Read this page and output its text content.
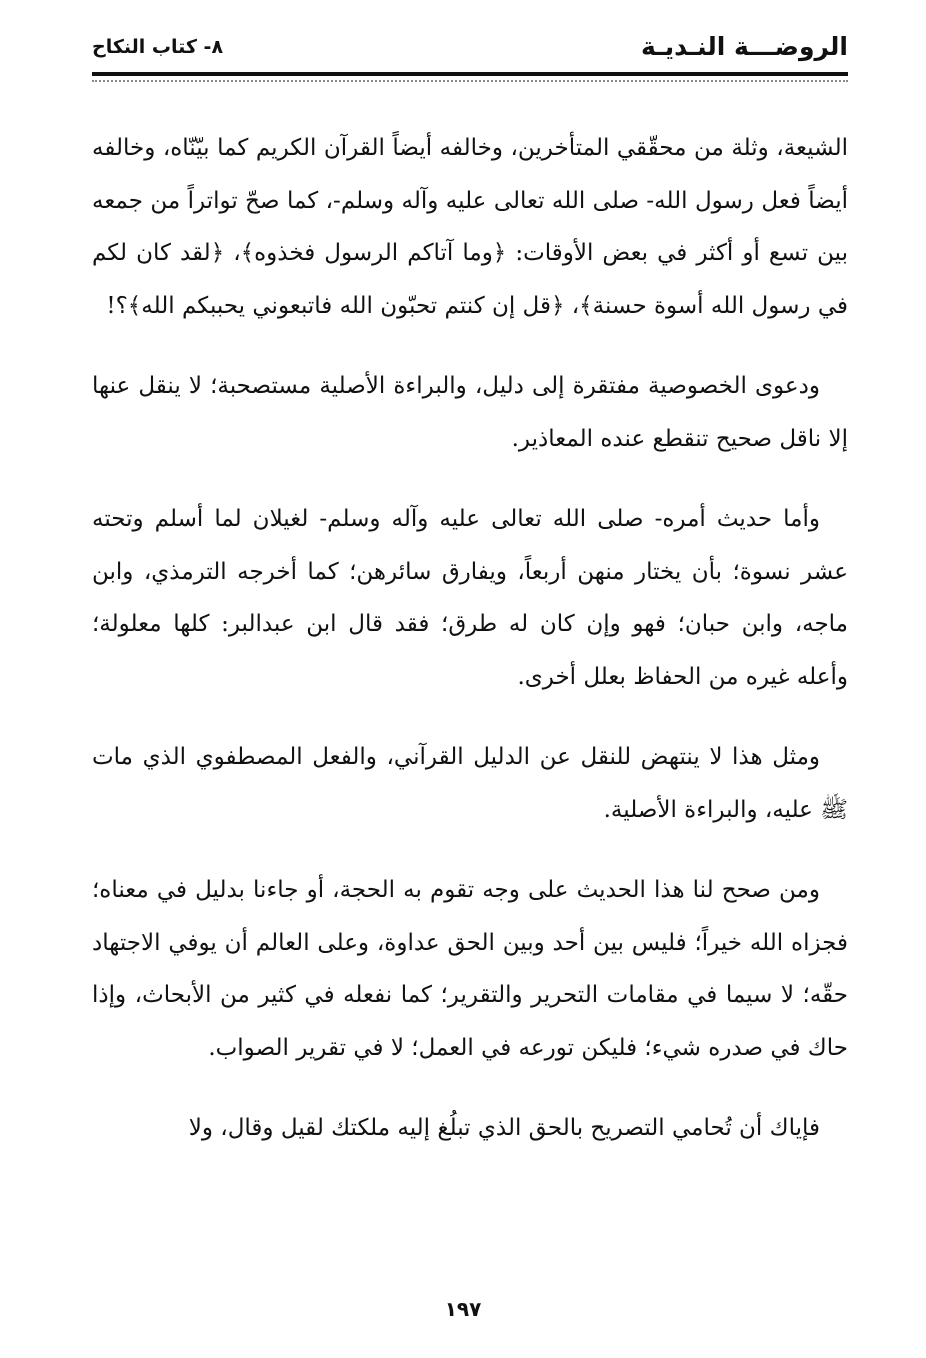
الروضـــة النـديـة
٨- كتاب النكاح

الشيعة، وثلة من محقّقي المتأخرين، وخالفه أيضاً القرآن الكريم كما بيّنّاه، وخالفه أيضاً فعل رسول الله- صلى الله تعالى عليه وآله وسلم-، كما صحّ تواتراً من جمعه بين تسع أو أكثر في بعض الأوقات: ﴿وما آتاكم الرسول فخذوه﴾، ﴿لقد كان لكم في رسول الله أسوة حسنة﴾، ﴿قل إن كنتم تحبّون الله فاتبعوني يحببكم الله﴾؟!

ودعوى الخصوصية مفتقرة إلى دليل، والبراءة الأصلية مستصحبة؛ لا ينقل عنها إلا ناقل صحيح تنقطع عنده المعاذير.

وأما حديث أمره- صلى الله تعالى عليه وآله وسلم- لغيلان لما أسلم وتحته عشر نسوة؛ بأن يختار منهن أربعاً، ويفارق سائرهن؛ كما أخرجه الترمذي، وابن ماجه، وابن حبان؛ فهو وإن كان له طرق؛ فقد قال ابن عبدالبر: كلها معلولة؛ وأعله غيره من الحفاظ بعلل أخرى.

ومثل هذا لا ينتهض للنقل عن الدليل القرآني، والفعل المصطفوي الذي مات ﷺ عليه، والبراءة الأصلية.

ومن صحح لنا هذا الحديث على وجه تقوم به الحجة، أو جاءنا بدليل في معناه؛ فجزاه الله خيراً؛ فليس بين أحد وبين الحق عداوة، وعلى العالم أن يوفي الاجتهاد حقّه؛ لا سيما في مقامات التحرير والتقرير؛ كما نفعله في كثير من الأبحاث، وإذا حاك في صدره شيء؛ فليكن تورعه في العمل؛ لا في تقرير الصواب.

فإياك أن تُحامي التصريح بالحق الذي تبلُغ إليه ملكتك لقيل وقال، ولا

١٩٧
